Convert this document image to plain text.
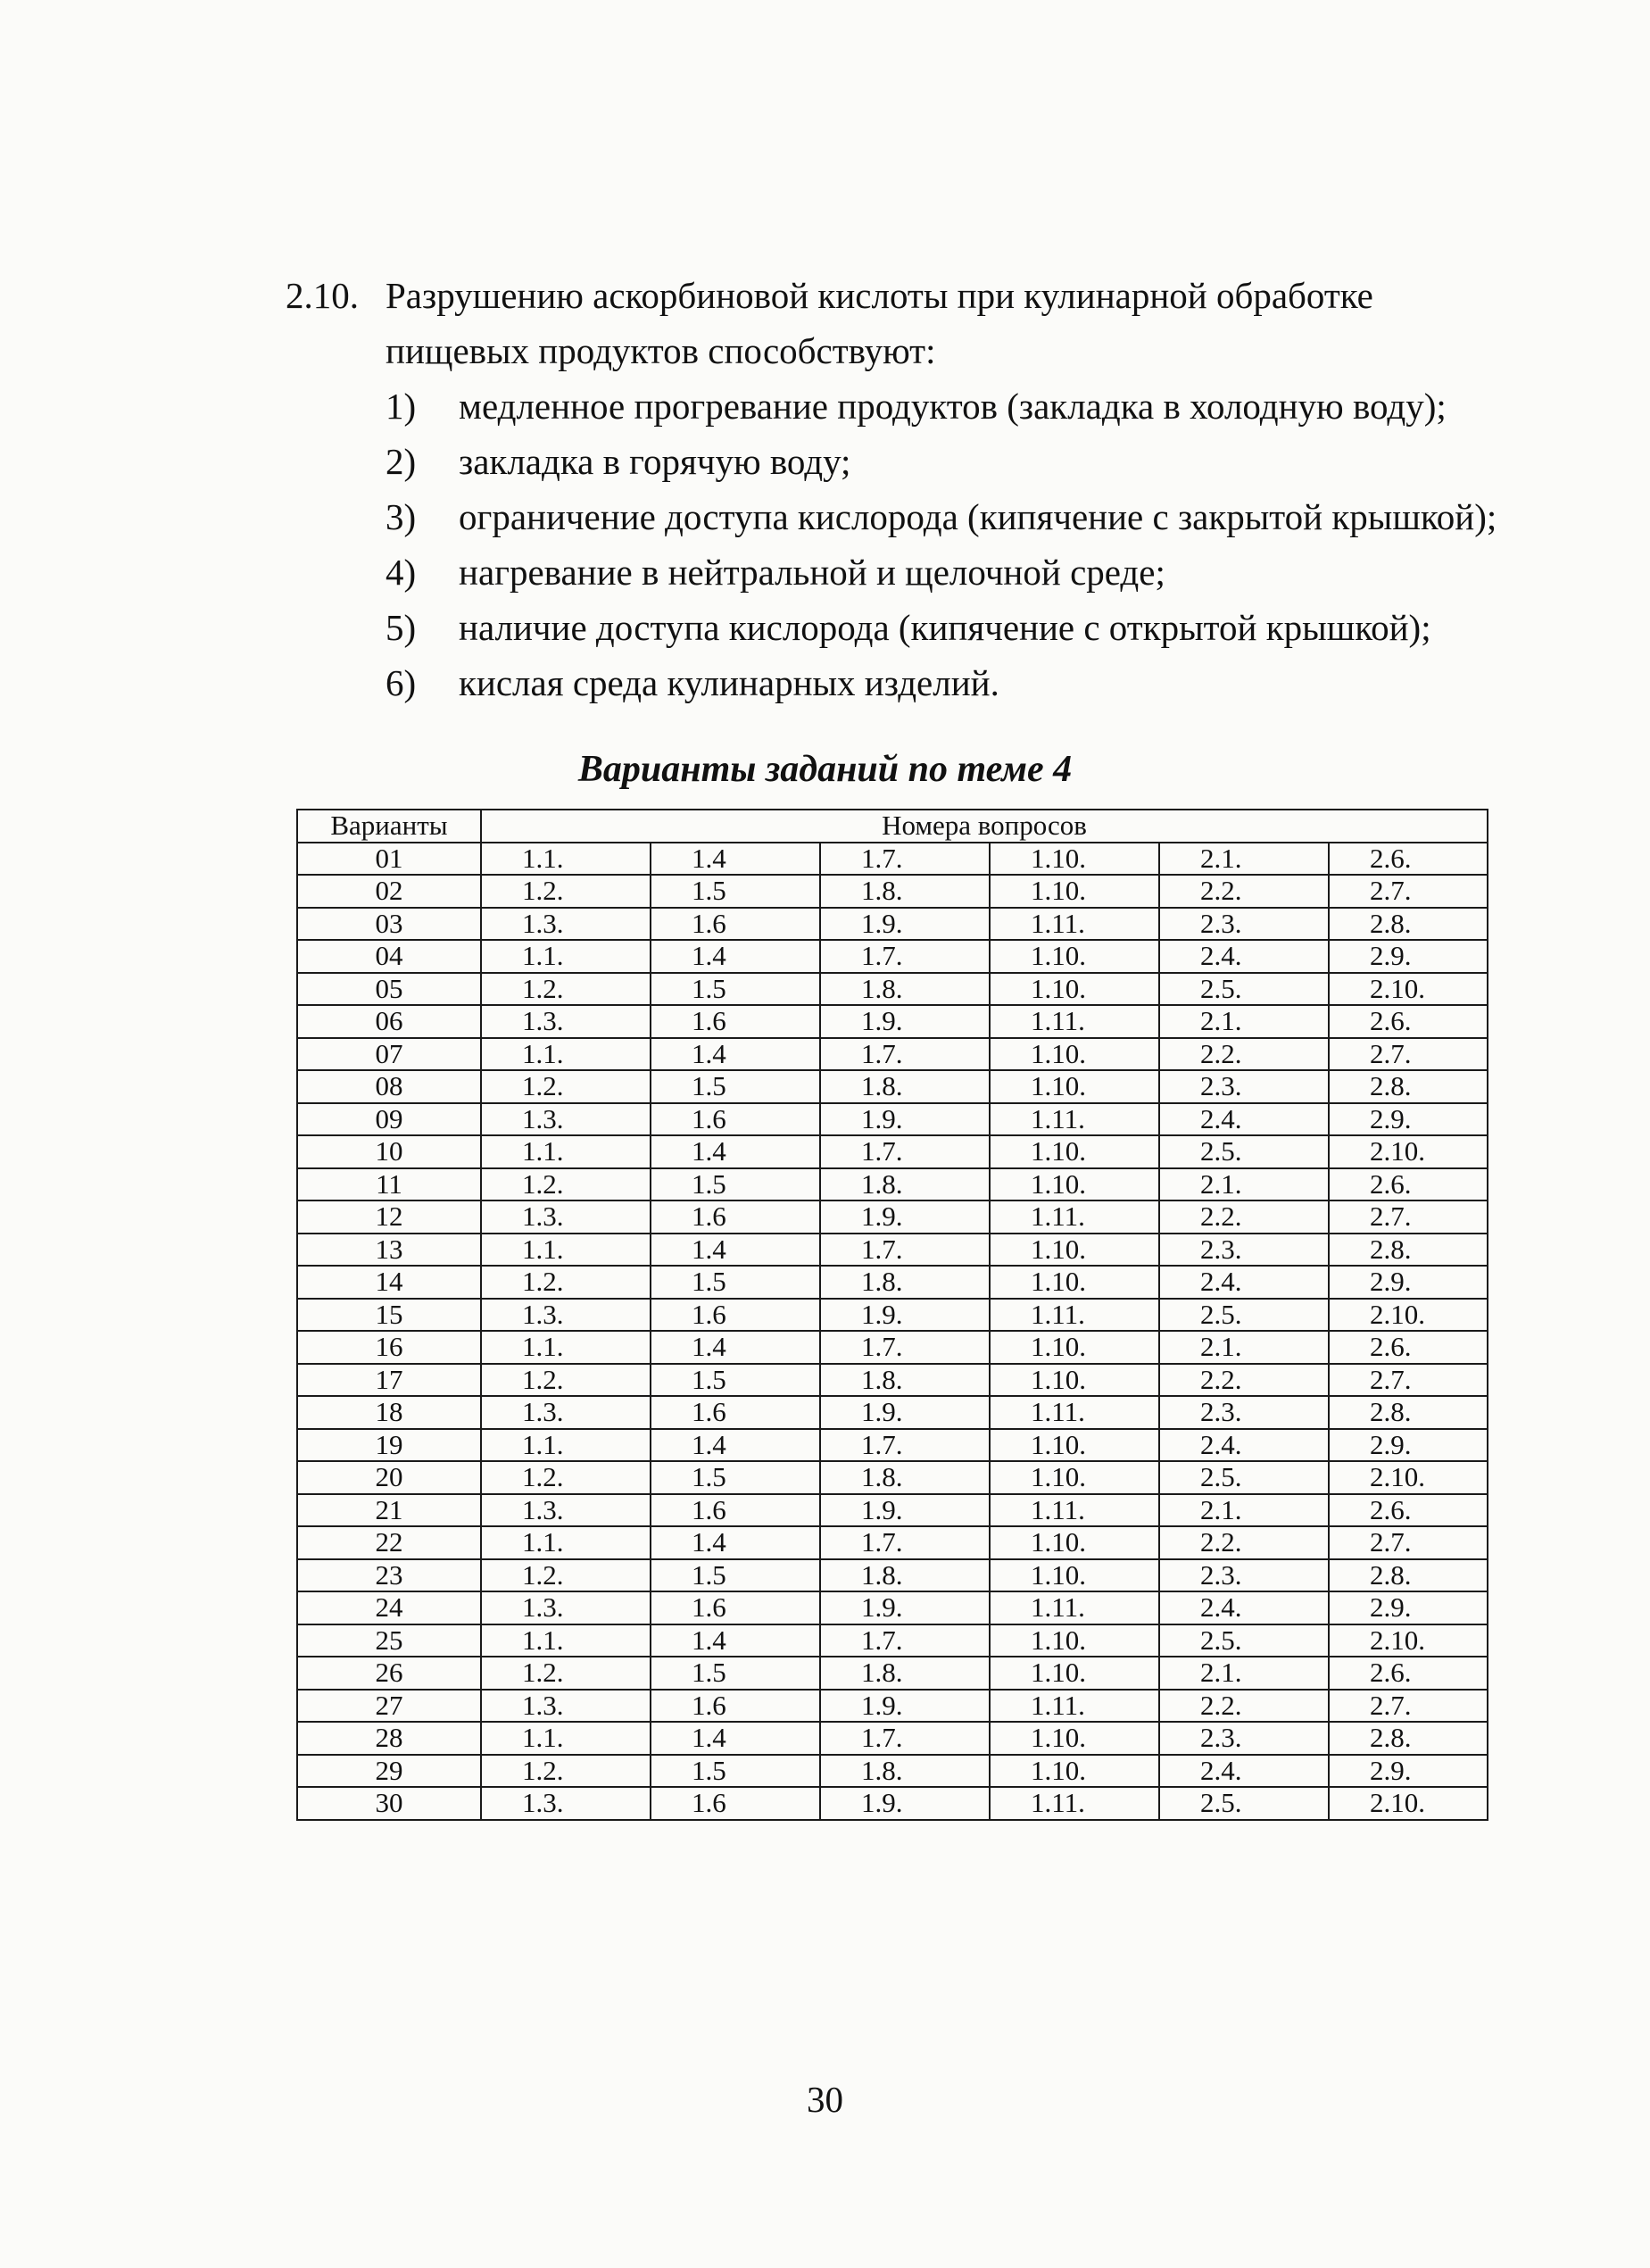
2.10. Разрушению аскорбиновой кислоты при кулинарной обработке пищевых продуктов способствуют:
1)	медленное прогревание продуктов (закладка в холодную воду);
2)	закладка в горячую воду;
3)	ограничение доступа кислорода (кипячение с закрытой крышкой);
4)	нагревание в нейтральной и щелочной среде;
5)	наличие доступа кислорода (кипячение с открытой крышкой);
6)	кислая среда кулинарных изделий.
Варианты заданий по теме 4
Варианты	Номера вопросов					
01	1.1.	1.4	1.7.	1.10.	2.1.	2.6.
02	1.2.	1.5	1.8.	1.10.	2.2.	2.7.
03	1.3.	1.6	1.9.	1.11.	2.3.	2.8.
04	1.1.	1.4	1.7.	1.10.	2.4.	2.9.
05	1.2.	1.5	1.8.	1.10.	2.5.	2.10.
06	1.3.	1.6	1.9.	1.11.	2.1.	2.6.
07	1.1.	1.4	1.7.	1.10.	2.2.	2.7.
08	1.2.	1.5	1.8.	1.10.	2.3.	2.8.
09	1.3.	1.6	1.9.	1.11.	2.4.	2.9.
10	1.1.	1.4	1.7.	1.10.	2.5.	2.10.
11	1.2.	1.5	1.8.	1.10.	2.1.	2.6.
12	1.3.	1.6	1.9.	1.11.	2.2.	2.7.
13	1.1.	1.4	1.7.	1.10.	2.3.	2.8.
14	1.2.	1.5	1.8.	1.10.	2.4.	2.9.
15	1.3.	1.6	1.9.	1.11.	2.5.	2.10.
16	1.1.	1.4	1.7.	1.10.	2.1.	2.6.
17	1.2.	1.5	1.8.	1.10.	2.2.	2.7.
18	1.3.	1.6	1.9.	1.11.	2.3.	2.8.
19	1.1.	1.4	1.7.	1.10.	2.4.	2.9.
20	1.2.	1.5	1.8.	1.10.	2.5.	2.10.
21	1.3.	1.6	1.9.	1.11.	2.1.	2.6.
22	1.1.	1.4	1.7.	1.10.	2.2.	2.7.
23	1.2.	1.5	1.8.	1.10.	2.3.	2.8.
24	1.3.	1.6	1.9.	1.11.	2.4.	2.9.
25	1.1.	1.4	1.7.	1.10.	2.5.	2.10.
26	1.2.	1.5	1.8.	1.10.	2.1.	2.6.
27	1.3.	1.6	1.9.	1.11.	2.2.	2.7.
28	1.1.	1.4	1.7.	1.10.	2.3.	2.8.
29	1.2.	1.5	1.8.	1.10.	2.4.	2.9.
30	1.3.	1.6	1.9.	1.11.	2.5.	2.10.
30
